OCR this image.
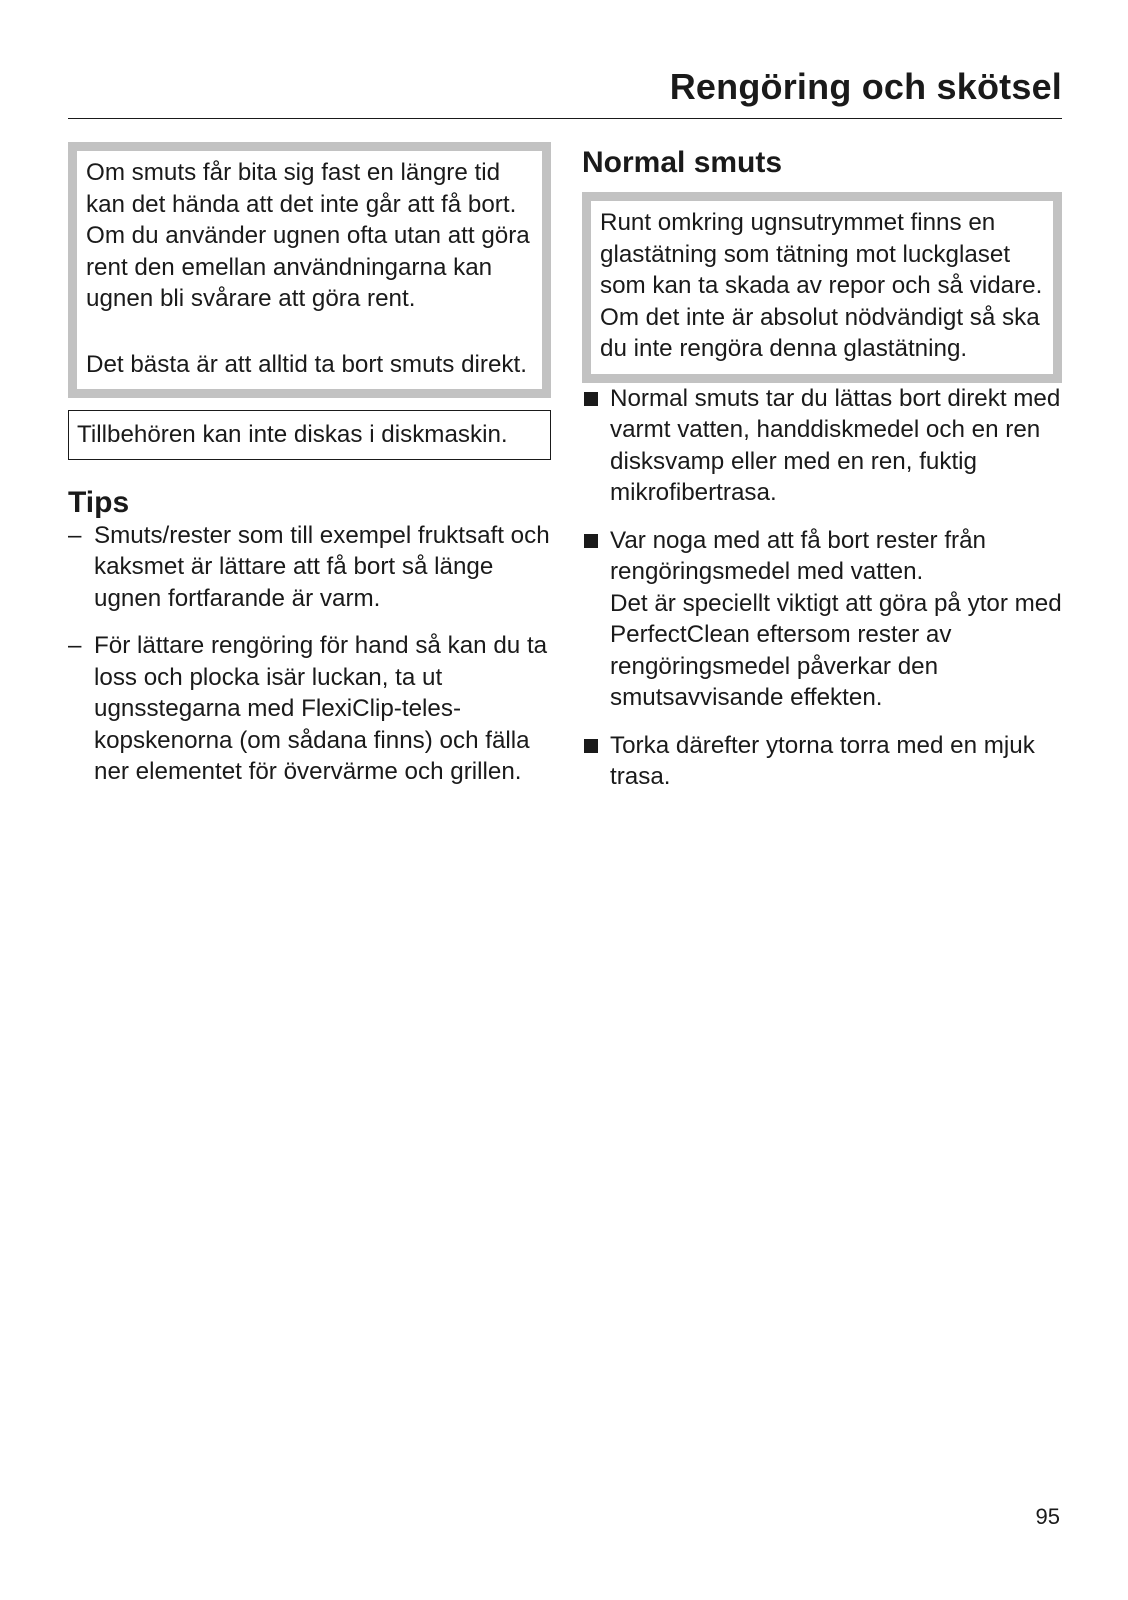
Rengöring och skötsel

Om smuts får bita sig fast en längre tid kan det hända att det inte går att få bort. Om du använder ugnen ofta utan att göra rent den emellan användningarna kan ugnen bli svårare att göra rent.

Det bästa är att alltid ta bort smuts direkt.

Tillbehören kan inte diskas i diskmaskin.
Tips
– Smuts/rester som till exempel fruktsaft och kaksmet är lättare att få bort så länge ugnen fortfarande är varm.
– För lättare rengöring för hand så kan du ta loss och plocka isär luckan, ta ut ugnsstegarna med FlexiClip-teleskopskenorna (om sådana finns) och fälla ner elementet för övervärme och grillen.
Normal smuts

Runt omkring ugnsutrymmet finns en glastätning som tätning mot luckglaset som kan ta skada av repor och så vidare.

Om det inte är absolut nödvändigt så ska du inte rengöra denna glastätning.

Normal smuts tar du lättas bort direkt med varmt vatten, handdiskmedel och en ren disksvamp eller med en ren, fuktig mikrofibertrasa.
Var noga med att få bort rester från rengöringsmedel med vatten.
Det är speciellt viktigt att göra på ytor med PerfectClean eftersom rester av rengöringsmedel påverkar den smutsavvisande effekten.
Torka därefter ytorna torra med en mjuk trasa.
95
